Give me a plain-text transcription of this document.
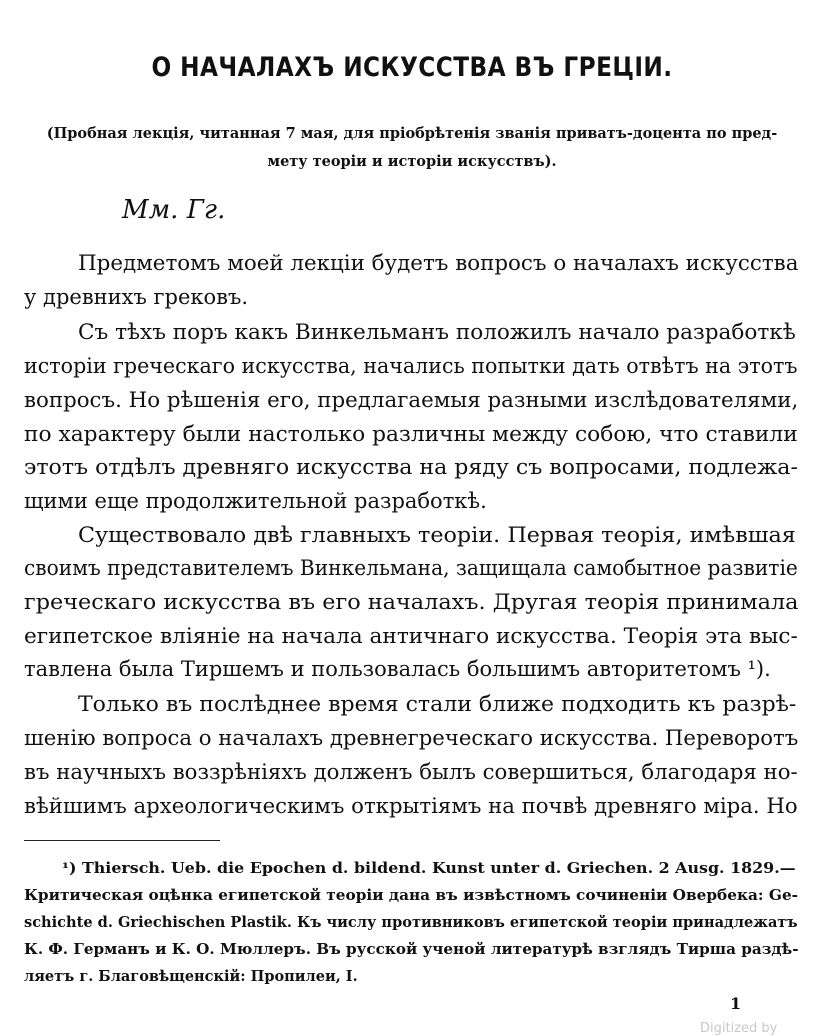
О НАЧАЛАХЪ ИСКУССТВА ВЪ ГРЕЦIИ.
(Пробная лекцiя, читанная 7 мая, для прiобрѣтенiя званiя приватъ-доцента по пред-
мету теорiи и исторiи искусствъ).
Мм. Гг.
Предметомъ моей лекцiи будетъ вопросъ о началахъ искусства
у древнихъ грековъ.
Съ тѣхъ поръ какъ Винкельманъ положилъ начало разработкѣ
исторiи греческаго искусства, начались попытки дать отвѣтъ на этотъ
вопросъ. Но рѣшенiя его, предлагаемыя разными изслѣдователями,
по характеру были настолько различны между собою, что ставили
этотъ отдѣлъ древняго искусства на ряду съ вопросами, подлежа-
щими еще продолжительной разработкѣ.
Существовало двѣ главныхъ теорiи. Первая теорiя, имѣвшая
своимъ представителемъ Винкельмана, защищала самобытное развитiе
греческаго искусства въ его началахъ. Другая теорiя принимала
египетское влiянiе на начала античнаго искусства. Теорiя эта выс-
тавлена была Тиршемъ и пользовалась большимъ авторитетомъ ¹).
Только въ послѣднее время стали ближе подходить къ разрѣ-
шенiю вопроса о началахъ древнегреческаго искусства. Переворотъ
въ научныхъ воззрѣнiяхъ долженъ былъ совершиться, благодаря но-
вѣйшимъ археологическимъ открытiямъ на почвѣ древняго мiра. Но
¹) Thiersch. Ueb. die Epochen d. bildend. Kunst unter d. Griechen. 2 Ausg. 1829.—
Критическая оцѣнка египетской теорiи дана въ извѣстномъ сочиненiи Овербека: Ge-
schichte d. Griechischen Plastik. Къ числу противниковъ египетской теорiи принадлежатъ
К. Ф. Германъ и К. О. Мюллеръ. Въ русской ученой литературѣ взглядъ Тирша раздѣ-
ляетъ г. Благовѣщенскiй: Пропилеи, I.
1
Digitized by
